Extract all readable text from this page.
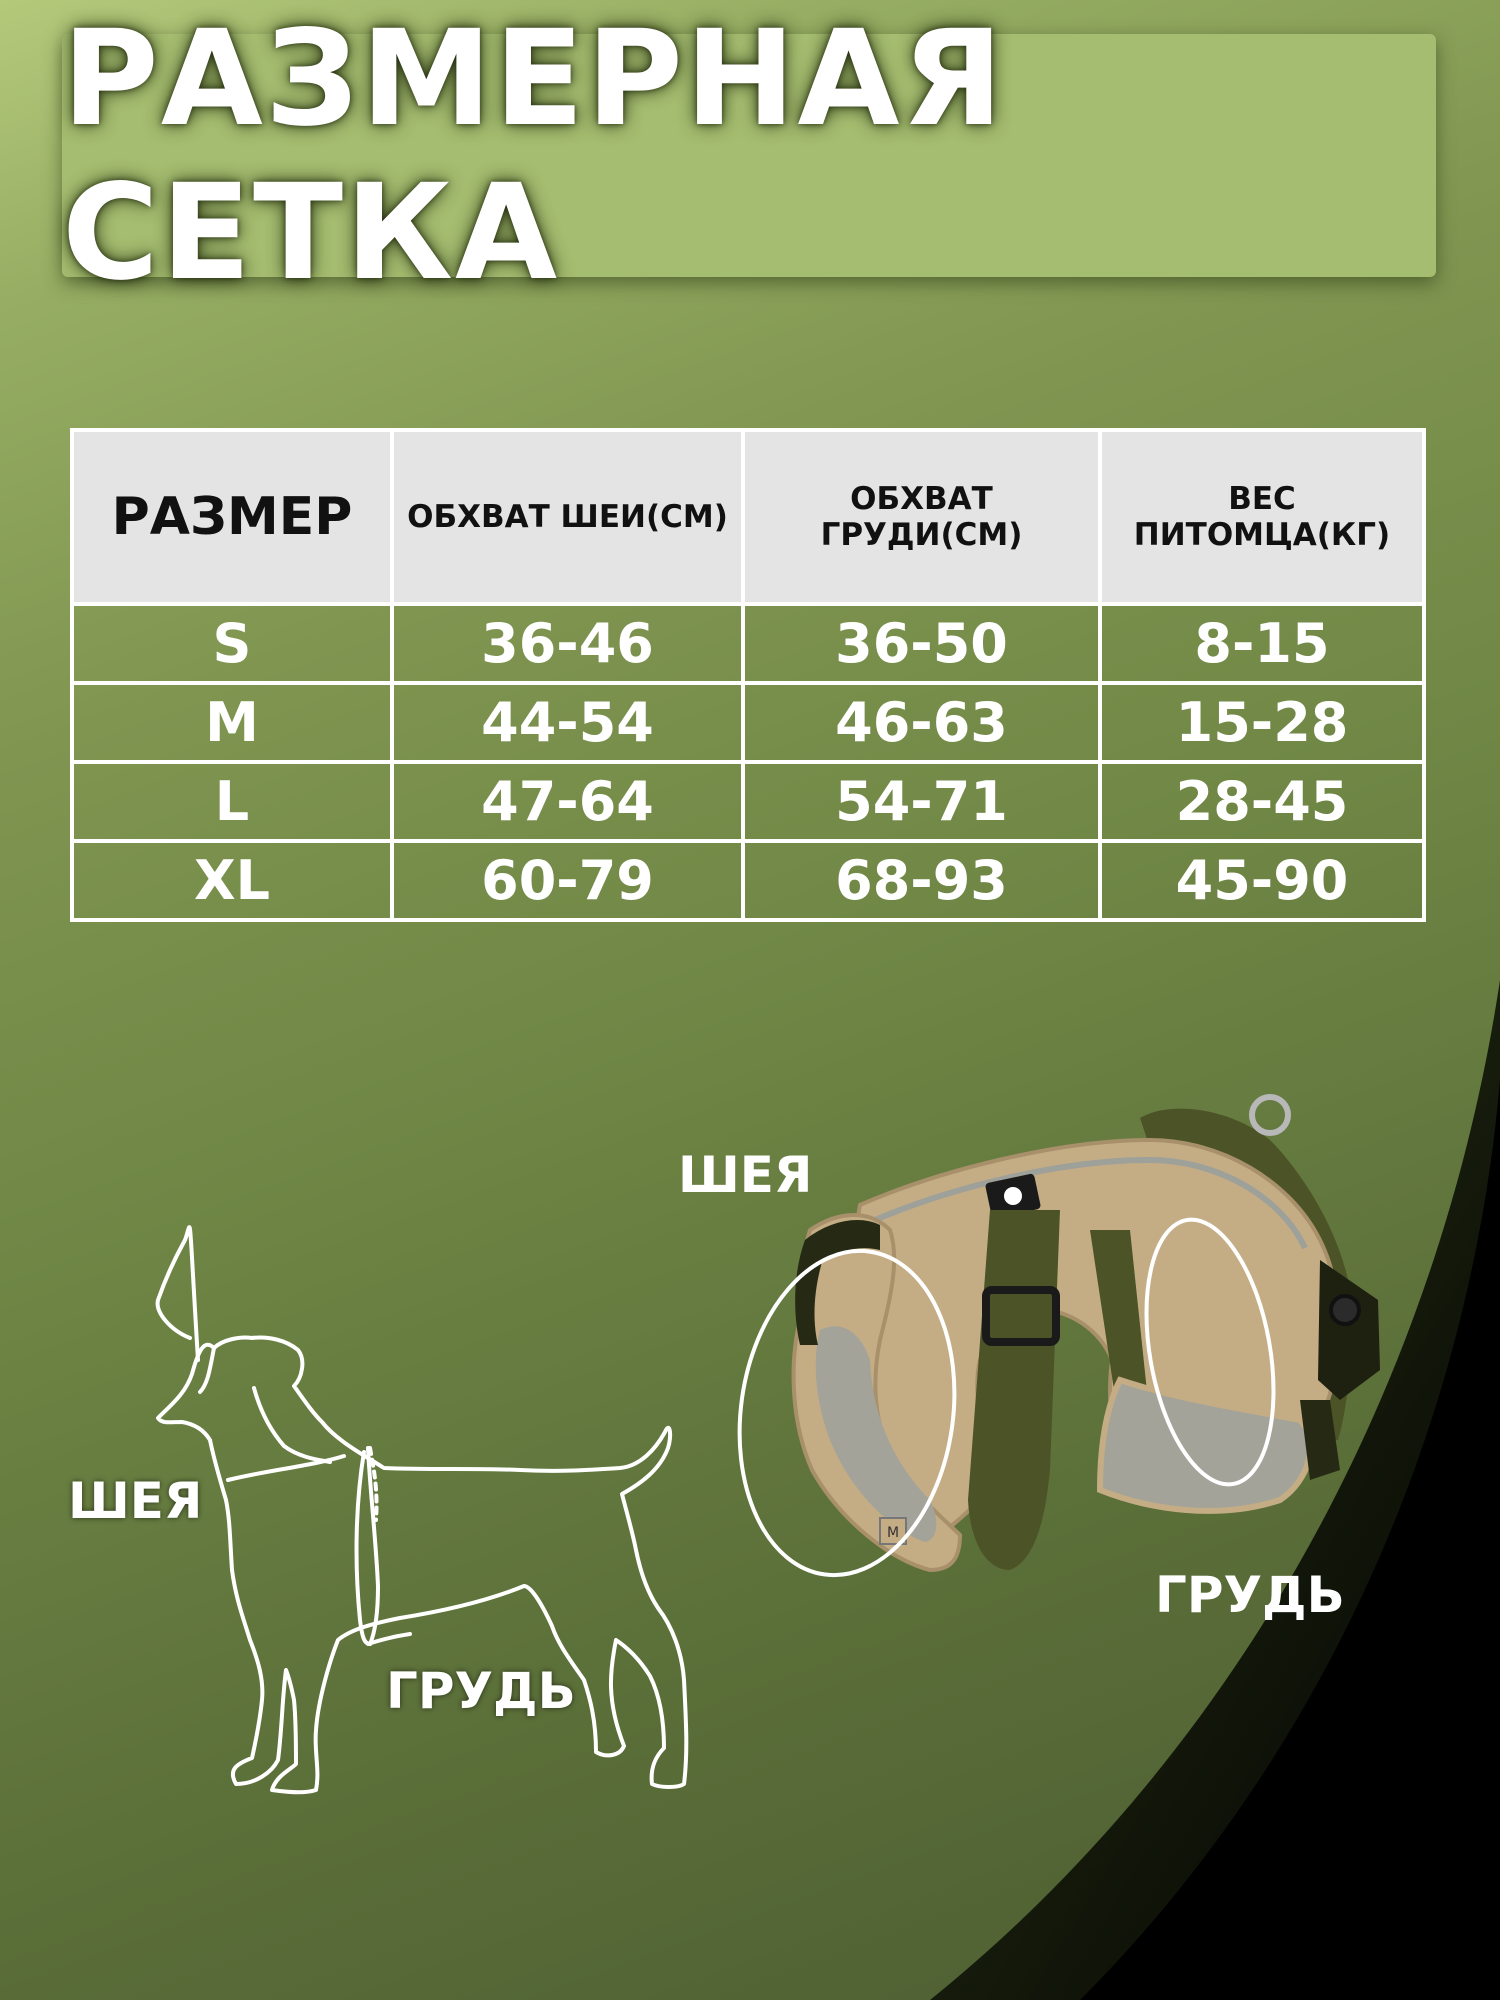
РАЗМЕРНАЯ СЕТКА
РАЗМЕР	ОБХВАТ ШЕИ(СМ)	ОБХВАТ ГРУДИ(СМ)	ВЕС ПИТОМЦА(КГ)
S	36-46	36-50	8-15
M	44-54	46-63	15-28
L	47-64	54-71	28-45
XL	60-79	68-93	45-90
ШЕЯ
ГРУДЬ
M
ШЕЯ
ГРУДЬ
